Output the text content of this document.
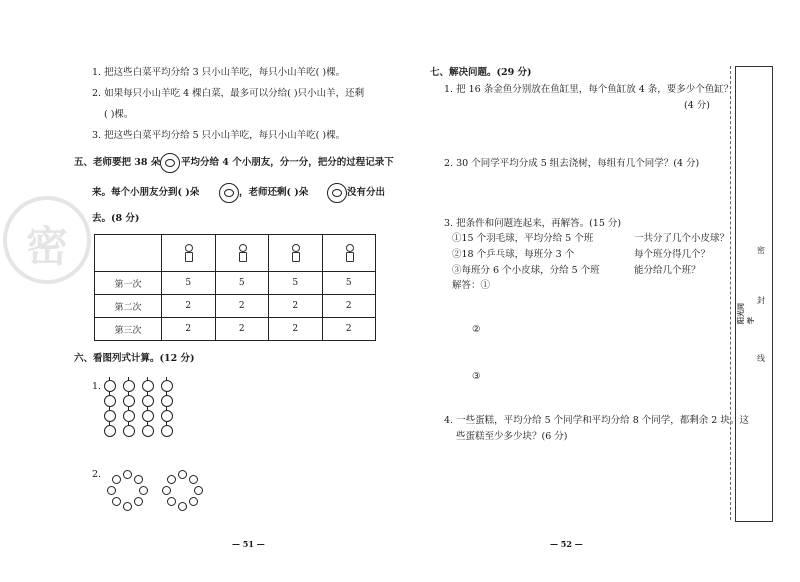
密
1. 把这些白菜平均分给 3 只小山羊吃，每只小山羊吃( )棵。
2. 如果每只小山羊吃 4 棵白菜，最多可以分给( )只小山羊，还剩
( )棵。
3. 把这些白菜平均分给 5 只小山羊吃，每只小山羊吃( )棵。
五、老师要把 38 朵 平均分给 4 个小朋友，分一分，把分的过程记录下
来。每个小朋友分到( )朵	，老师还剩( )朵	没有分出
去。(8 分)

第一次	5	5	5	5
第二次	2	2	2	2
第三次	2	2	2	2
六、看图列式计算。(12 分)
1.
2.
— 51 —
七、解决问题。(29 分)
1. 把 16 条金鱼分别放在鱼缸里，每个鱼缸放 4 条，要多少个鱼缸？
(4 分)
2. 30 个同学平均分成 5 组去浇树，每组有几个同学？(4 分)
3. 把条件和问题连起来，再解答。(15 分)
①15 个羽毛球，平均分给 5 个班
②18 个乒乓球，每班分 3 个
③每班分 6 个小皮球，分给 5 个班
一共分了几个小皮球？
每个班分得几个？
能分给几个班？
解答：①
②
③
4. 一些蛋糕，平均分给 5 个同学和平均分给 8 个同学，都剩余 2 块。这
些蛋糕至少多少块？(6 分)
— 52 —
密
封
线
阳光同学
